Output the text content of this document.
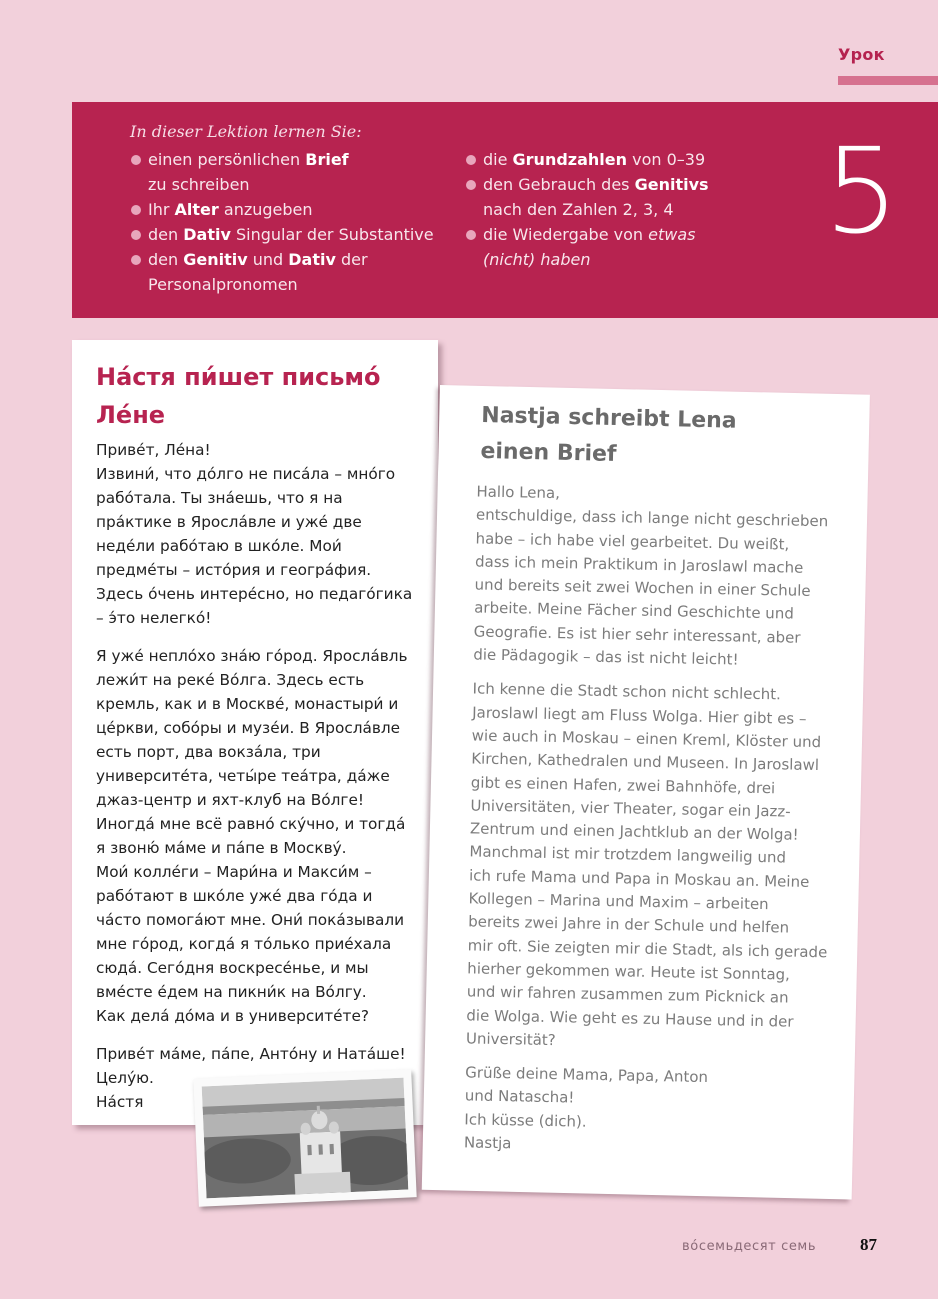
Урок
In dieser Lektion lernen Sie:
einen persönlichen Brief
zu schreiben
Ihr Alter anzugeben
den Dativ Singular der Substantive
den Genitiv und Dativ der
Personalpronomen
die Grundzahlen von 0–39
den Gebrauch des Genitivs
nach den Zahlen 2, 3, 4
die Wiedergabe von etwas
(nicht) haben	5
На́стя пи́шет письмо́
Ле́не

Приве́т, Ле́на!
Извини́, что до́лго не писа́ла – мно́го
рабо́тала. Ты зна́ешь, что я на
пра́ктике в Яросла́вле и уже́ две
неде́ли рабо́таю в шко́ле. Мои́
предме́ты – исто́рия и геогра́фия.
Здесь о́чень интере́сно, но педаго́гика
– э́то нелегко́!

Я уже́ непло́хо зна́ю го́род. Яросла́вль
лежи́т на реке́ Во́лга. Здесь есть
кремль, как и в Москве́, монастыри́ и
це́ркви, собо́ры и музе́и. В Яросла́вле
есть порт, два вокза́ла, три
университе́та, четы́ре теа́тра, да́же
джаз-центр и яхт-клуб на Во́лге!
Иногда́ мне всё равно́ ску́чно, и тогда́
я звоню́ ма́ме и па́пе в Москву́.
Мои́ колле́ги – Мари́на и Макси́м –
рабо́тают в шко́ле уже́ два го́да и
ча́сто помога́ют мне. Они́ пока́зывали
мне го́род, когда́ я то́лько прие́хала
сюда́. Сего́дня воскресе́нье, и мы
вме́сте е́дем на пикни́к на Во́лгу.
Как дела́ до́ма и в университе́те?

Приве́т ма́ме, па́пе, Анто́ну и Ната́ше!
Целу́ю.
На́стя

Nastja schreibt Lena
einen Brief

Hallo Lena,
entschuldige, dass ich lange nicht geschrieben
habe – ich habe viel gearbeitet. Du weißt,
dass ich mein Praktikum in Jaroslawl mache
und bereits seit zwei Wochen in einer Schule
arbeite. Meine Fächer sind Geschichte und
Geografie. Es ist hier sehr interessant, aber
die Pädagogik – das ist nicht leicht!

Ich kenne die Stadt schon nicht schlecht.
Jaroslawl liegt am Fluss Wolga. Hier gibt es –
wie auch in Moskau – einen Kreml, Klöster und
Kirchen, Kathedralen und Museen. In Jaroslawl
gibt es einen Hafen, zwei Bahnhöfe, drei
Universitäten, vier Theater, sogar ein Jazz-
Zentrum und einen Jachtklub an der Wolga!
Manchmal ist mir trotzdem langweilig und
ich rufe Mama und Papa in Moskau an. Meine
Kollegen – Marina und Maxim – arbeiten
bereits zwei Jahre in der Schule und helfen
mir oft. Sie zeigten mir die Stadt, als ich gerade
hierher gekommen war. Heute ist Sonntag,
und wir fahren zusammen zum Picknick an
die Wolga. Wie geht es zu Hause und in der
Universität?

Grüße deine Mama, Papa, Anton
und Natascha!
Ich küsse (dich).
Nastja

во́семьдесят семь	87
